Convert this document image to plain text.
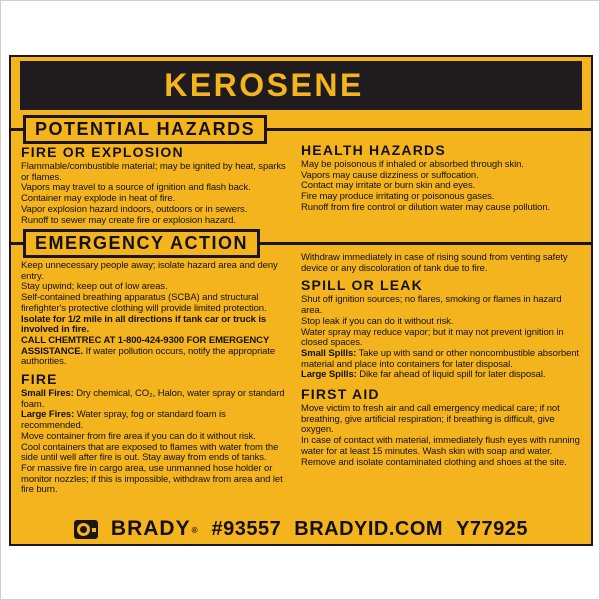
KEROSENE
POTENTIAL HAZARDS
FIRE OR EXPLOSION

Flammable/combustible material; may be ignited by heat, sparks or flames.

Vapors may travel to a source of ignition and flash back.

Container may explode in heat of fire.

Vapor explosion hazard indoors, outdoors or in sewers.

Runoff to sewer may create fire or explosion hazard.

HEALTH HAZARDS

May be poisonous if inhaled or absorbed through skin.

Vapors may cause dizziness or suffocation.

Contact may irritate or burn skin and eyes.

Fire may produce irritating or poisonous gases.

Runoff from fire control or dilution water may cause pollution.

EMERGENCY ACTION

Keep unnecessary people away; isolate hazard area and deny entry.

Stay upwind; keep out of low areas.

Self-contained breathing apparatus (SCBA) and structural firefighter's protective clothing will provide limited protection.

Isolate for 1/2 mile in all directions if tank car or truck is involved in fire.

CALL CHEMTREC AT 1-800-424-9300 FOR EMERGENCY ASSISTANCE. If water pollution occurs, notify the appropriate authorities.

FIRE

Small Fires: Dry chemical, CO₂, Halon, water spray or standard foam.

Large Fires: Water spray, fog or standard foam is recommended.

Move container from fire area if you can do it without risk.

Cool containers that are exposed to flames with water from the side until well after fire is out. Stay away from ends of tanks.

For massive fire in cargo area, use unmanned hose holder or monitor nozzles; if this is impossible, withdraw from area and let fire burn.

Withdraw immediately in case of rising sound from venting safety device or any discoloration of tank due to fire.

SPILL OR LEAK

Shut off ignition sources; no flares, smoking or flames in hazard area.

Stop leak if you can do it without risk.

Water spray may reduce vapor; but it may not prevent ignition in closed spaces.

Small Spills: Take up with sand or other noncombustible absorbent material and place into containers for later disposal.

Large Spills: Dike far ahead of liquid spill for later disposal.

FIRST AID

Move victim to fresh air and call emergency medical care; if not breathing, give artificial respiration; if breathing is difficult, give oxygen.

In case of contact with material, immediately flush eyes with running water for at least 15 minutes. Wash skin with soap and water.

Remove and isolate contaminated clothing and shoes at the site.

BRADY ® #93557 BRADYID.COM Y77925
